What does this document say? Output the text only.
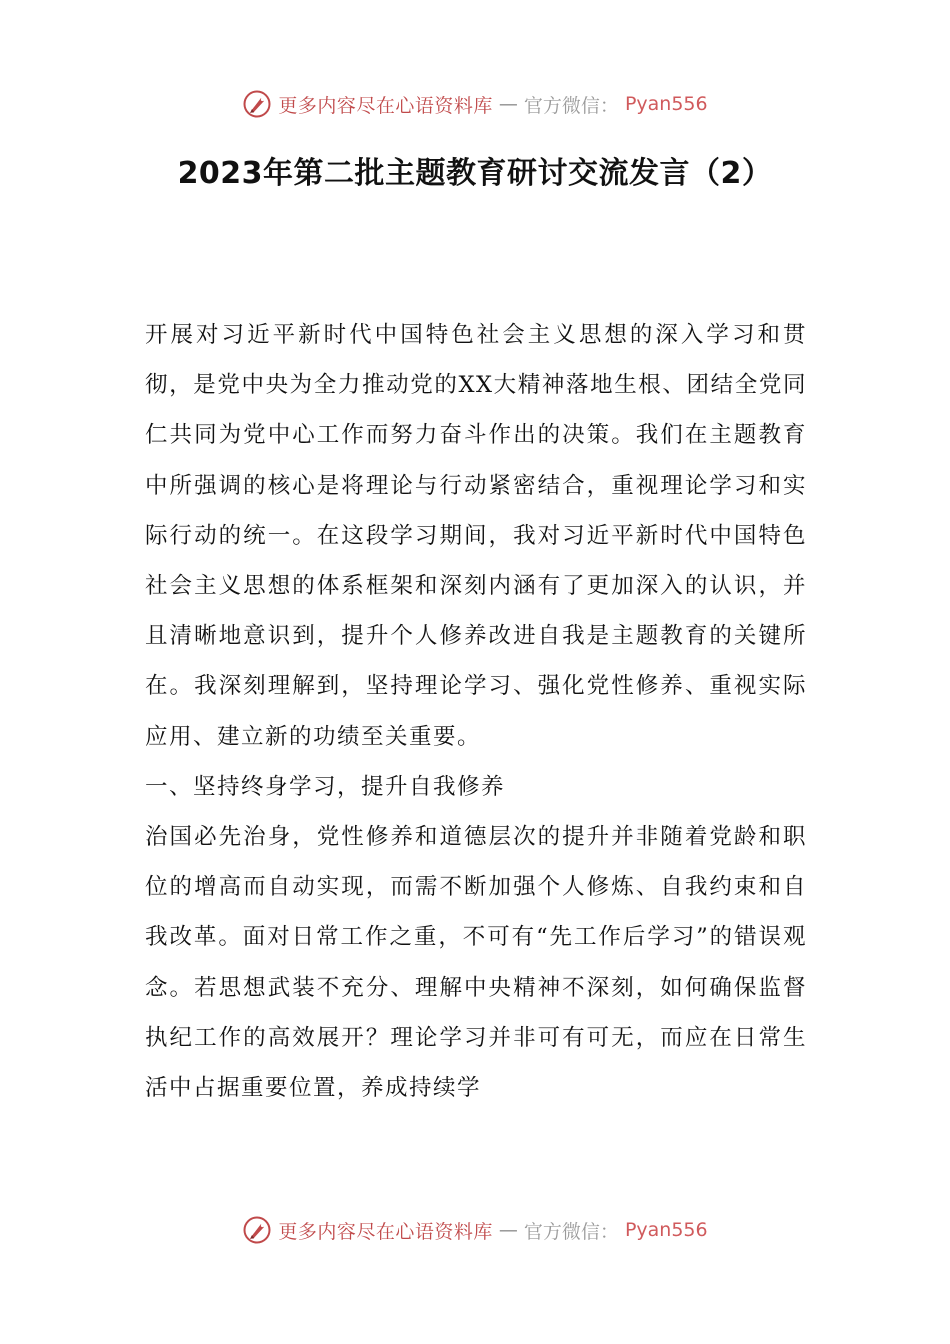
更多内容尽在心语资料库 — 官方微信： Pyan556
2023年第二批主题教育研讨交流发言（2）

开展对习近平新时代中国特色社会主义思想的深入学习和贯彻，是党中央为全力推动党的XX大精神落地生根、团结全党同仁共同为党中心工作而努力奋斗作出的决策。我们在主题教育中所强调的核心是将理论与行动紧密结合，重视理论学习和实际行动的统一。在这段学习期间，我对习近平新时代中国特色社会主义思想的体系框架和深刻内涵有了更加深入的认识，并且清晰地意识到，提升个人修养改进自我是主题教育的关键所在。我深刻理解到，坚持理论学习、强化党性修养、重视实际应用、建立新的功绩至关重要。

一、坚持终身学习，提升自我修养

治国必先治身，党性修养和道德层次的提升并非随着党龄和职位的增高而自动实现，而需不断加强个人修炼、自我约束和自我改革。面对日常工作之重，不可有“先工作后学习”的错误观念。若思想武装不充分、理解中央精神不深刻，如何确保监督执纪工作的高效展开？理论学习并非可有可无，而应在日常生活中占据重要位置，养成持续学

更多内容尽在心语资料库 — 官方微信： Pyan556
